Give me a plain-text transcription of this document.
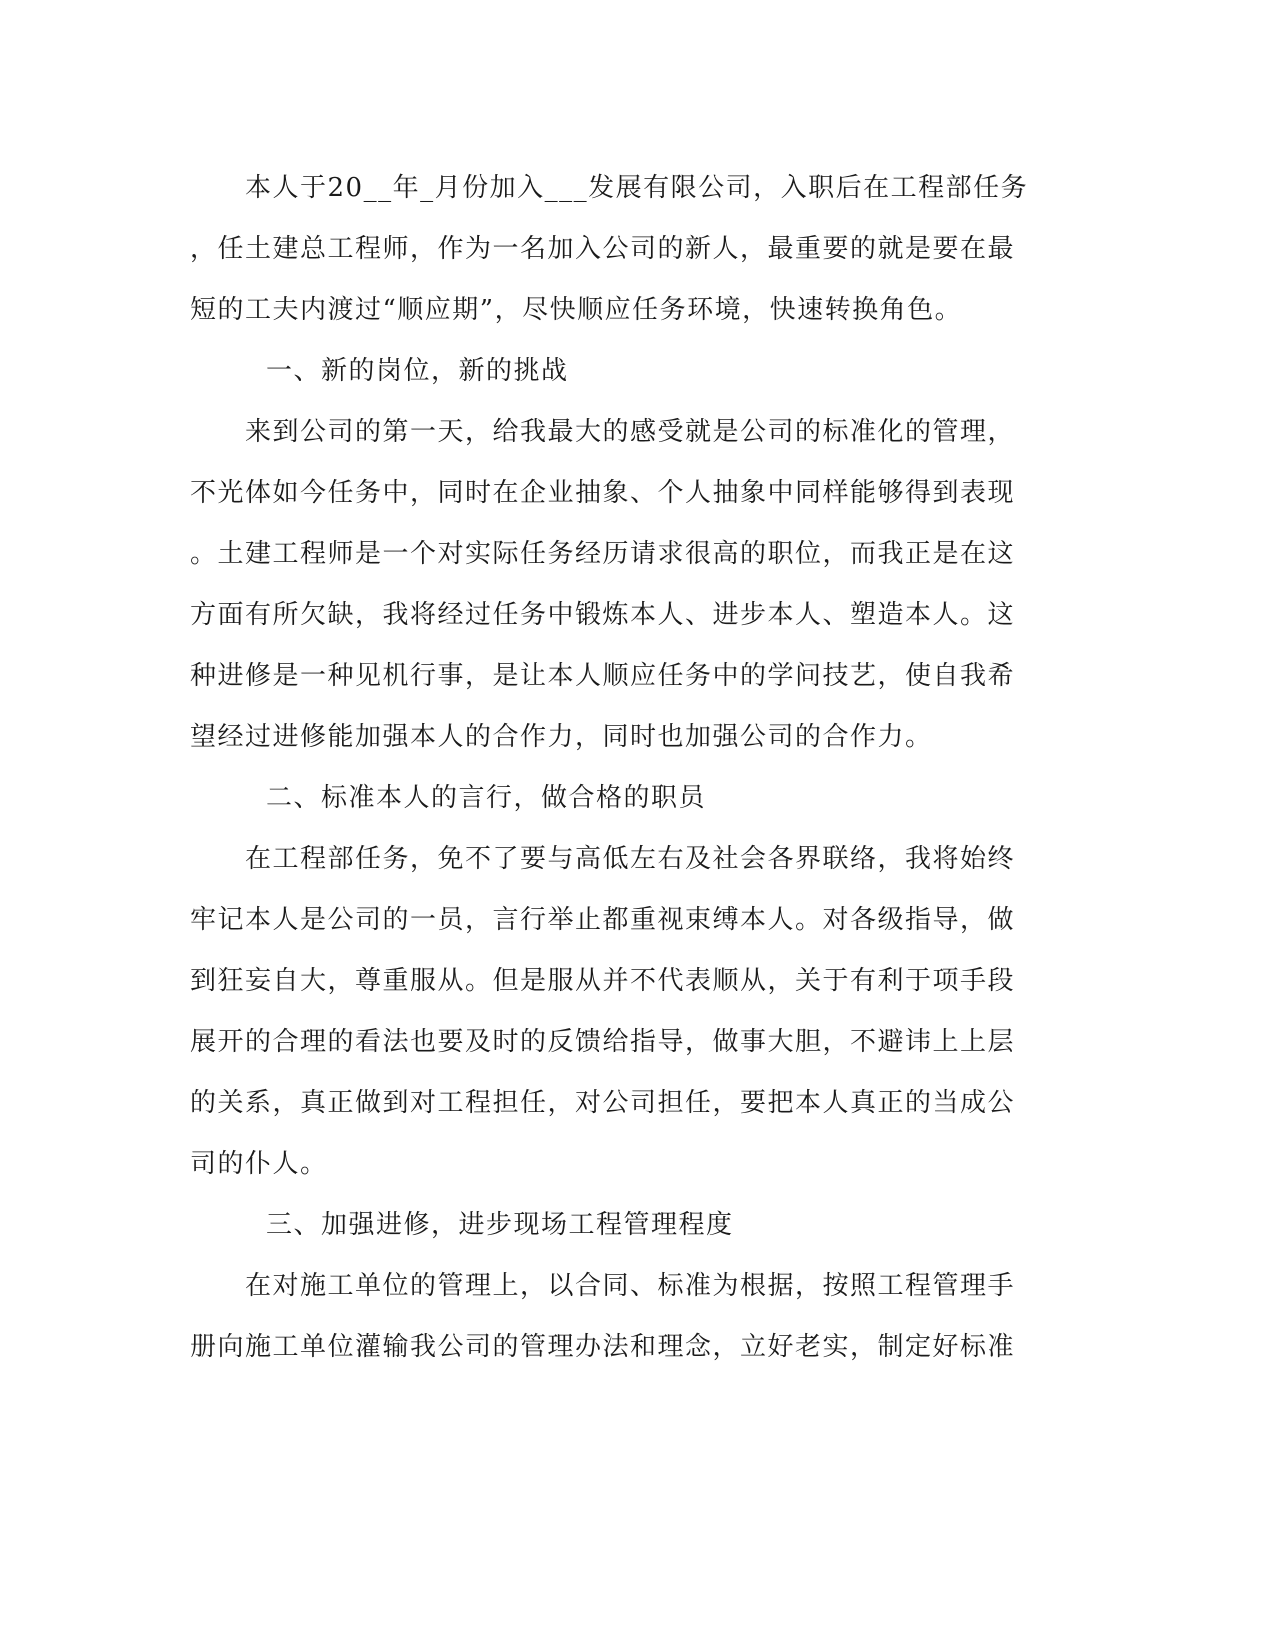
　　本人于20__年_月份加入___发展有限公司，入职后在工程部任务
，任土建总工程师，作为一名加入公司的新人，最重要的就是要在最
短的工夫内渡过“顺应期”，尽快顺应任务环境，快速转换角色。

一、新的岗位，新的挑战

　　来到公司的第一天，给我最大的感受就是公司的标准化的管理，
不光体如今任务中，同时在企业抽象、个人抽象中同样能够得到表现
。土建工程师是一个对实际任务经历请求很高的职位，而我正是在这
方面有所欠缺，我将经过任务中锻炼本人、进步本人、塑造本人。这
种进修是一种见机行事，是让本人顺应任务中的学问技艺，使自我希
望经过进修能加强本人的合作力，同时也加强公司的合作力。

二、标准本人的言行，做合格的职员

　　在工程部任务，免不了要与高低左右及社会各界联络，我将始终
牢记本人是公司的一员，言行举止都重视束缚本人。对各级指导，做
到狂妄自大，尊重服从。但是服从并不代表顺从，关于有利于项手段
展开的合理的看法也要及时的反馈给指导，做事大胆，不避讳上上层
的关系，真正做到对工程担任，对公司担任，要把本人真正的当成公
司的仆人。

三、加强进修，进步现场工程管理程度

　　在对施工单位的管理上，以合同、标准为根据，按照工程管理手
册向施工单位灌输我公司的管理办法和理念，立好老实，制定好标准
